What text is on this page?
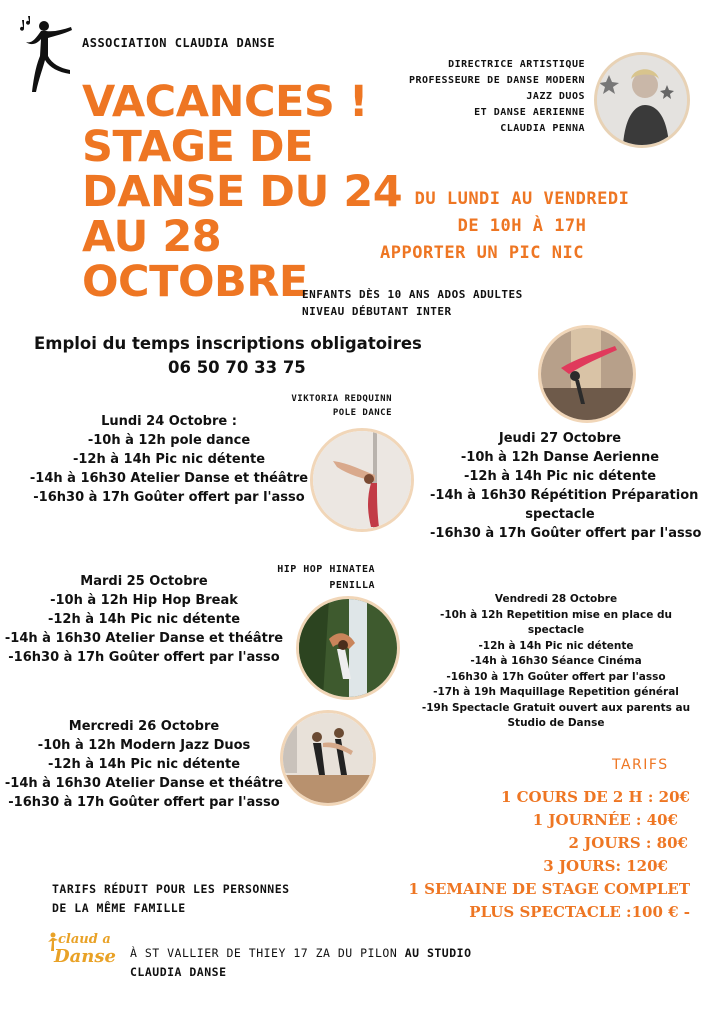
ASSOCIATION CLAUDIA DANSE
DIRECTRICE ARTISTIQUE
PROFESSEURE DE DANSE MODERN
JAZZ DUOS
ET DANSE AERIENNE
CLAUDIA PENNA
VACANCES !
STAGE DE
DANSE DU 24
AU 28
OCTOBRE
DU LUNDI AU VENDREDI
DE 10H À 17H
APPORTER UN PIC NIC
ENFANTS DÈS 10 ANS ADOS ADULTES
NIVEAU DÉBUTANT INTER
Emploi du temps inscriptions obligatoires
06 50 70 33 75
VIKTORIA REDQUINN
POLE DANCE
Lundi 24 Octobre :
-10h à 12h pole dance
-12h à 14h Pic nic détente
-14h à 16h30 Atelier Danse et théâtre
-16h30 à 17h Goûter offert par l'asso
Jeudi 27 Octobre
-10h à 12h Danse Aerienne
-12h à 14h Pic nic détente
-14h à 16h30 Répétition Préparation
spectacle
-16h30 à 17h Goûter offert par l'asso
HIP HOP HINATEA
PENILLA
Mardi 25 Octobre
-10h à 12h Hip Hop Break
-12h à 14h Pic nic détente
-14h à 16h30 Atelier Danse et théâtre
-16h30 à 17h Goûter offert par l'asso
Vendredi 28 Octobre
-10h à 12h Repetition mise en place du
spectacle
-12h à 14h Pic nic détente
-14h à 16h30 Séance Cinéma
-16h30 à 17h Goûter offert par l'asso
-17h à 19h Maquillage Repetition général
-19h Spectacle Gratuit ouvert aux parents au
Studio de Danse
Mercredi 26 Octobre
-10h à 12h Modern Jazz Duos
-12h à 14h Pic nic détente
-14h à 16h30 Atelier Danse et théâtre
-16h30 à 17h Goûter offert par l'asso
TARIFS
1 COURS DE 2 H : 20€
1 JOURNÉE : 40€
2 JOURS : 80€
3 JOURS: 120€
1 SEMAINE DE STAGE COMPLET
PLUS SPECTACLE :100 € -
TARIFS RÉDUIT POUR LES PERSONNES
DE LA MÊME FAMILLE
claud a
Danse À ST VALLIER DE THIEY 17 ZA DU PILON AU STUDIO
CLAUDIA DANSE
